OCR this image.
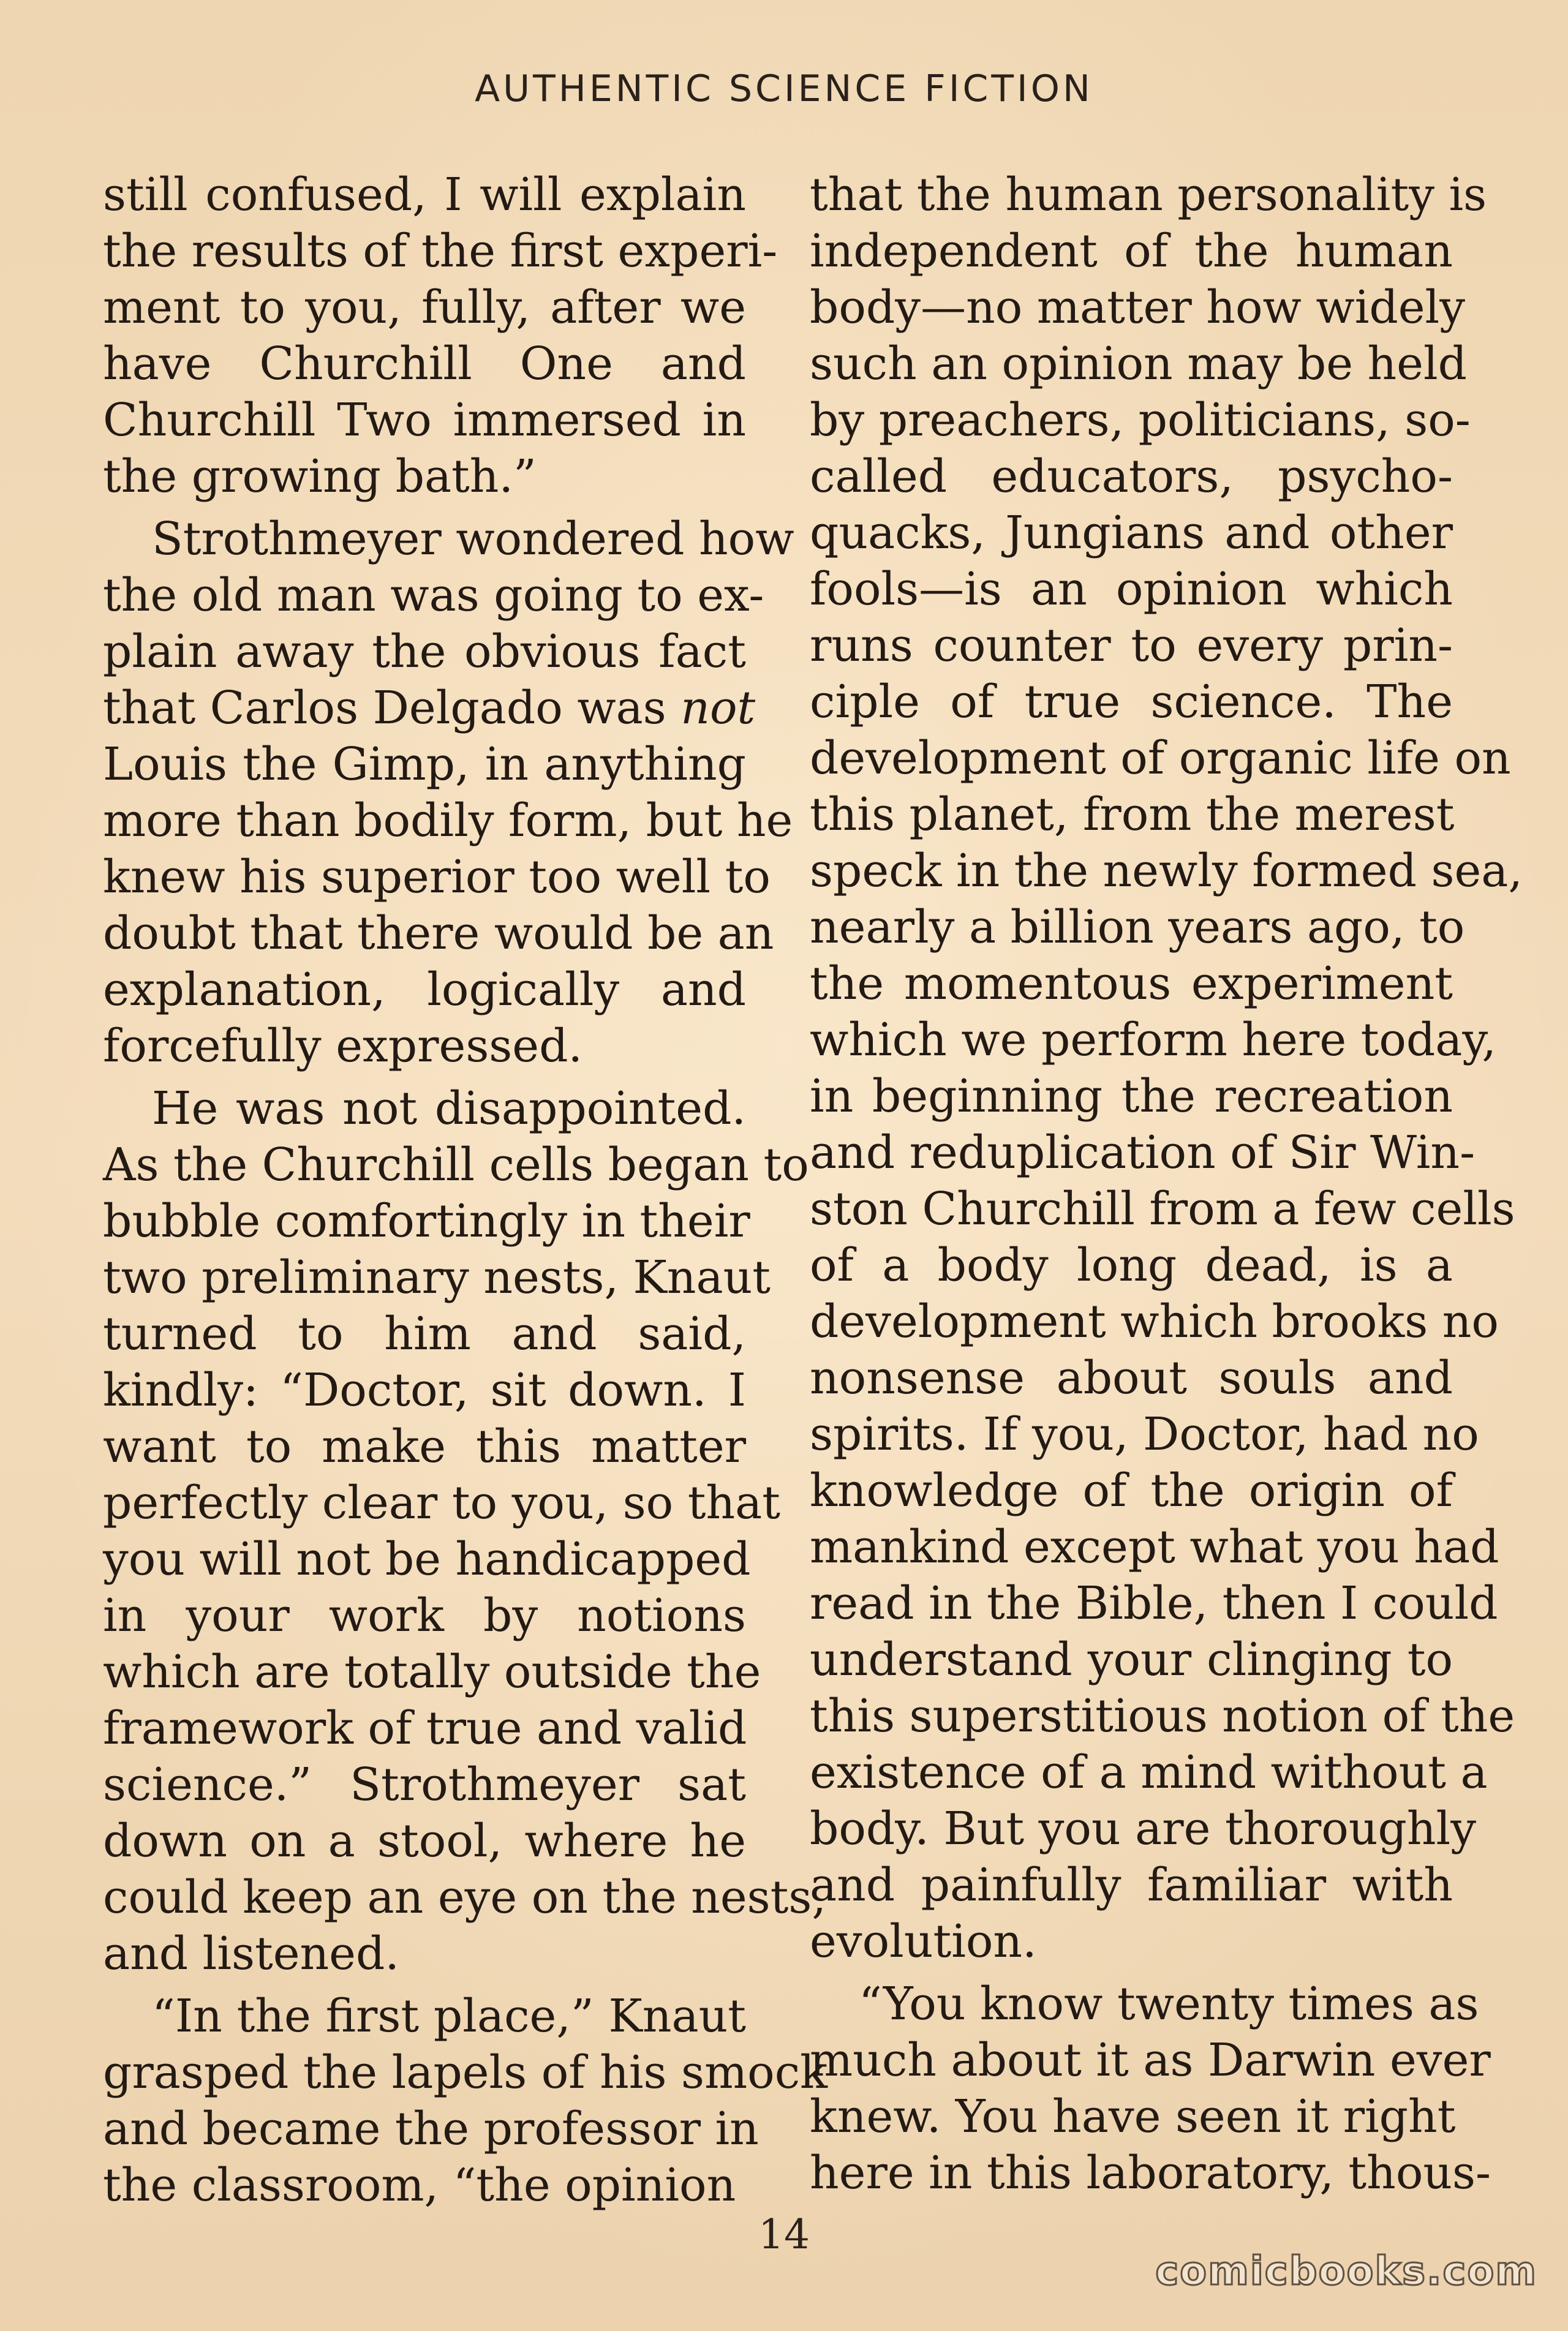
AUTHENTIC SCIENCE FICTION
still confused, I will explain
the results of the first experi-
ment to you, fully, after we
have Churchill One and
Churchill Two immersed in
the growing bath.”
Strothmeyer wondered how
the old man was going to ex-
plain away the obvious fact
that Carlos Delgado was not
Louis the Gimp, in anything
more than bodily form, but he
knew his superior too well to
doubt that there would be an
explanation, logically and
forcefully expressed.
He was not disappointed.
As the Churchill cells began to
bubble comfortingly in their
two preliminary nests, Knaut
turned to him and said,
kindly: “Doctor, sit down. I
want to make this matter
perfectly clear to you, so that
you will not be handicapped
in your work by notions
which are totally outside the
framework of true and valid
science.” Strothmeyer sat
down on a stool, where he
could keep an eye on the nests,
and listened.
“In the first place,” Knaut
grasped the lapels of his smock
and became the professor in
the classroom, “the opinion
that the human personality is
independent of the human
body—no matter how widely
such an opinion may be held
by preachers, politicians, so-
called educators, psycho-
quacks, Jungians and other
fools—is an opinion which
runs counter to every prin-
ciple of true science. The
development of organic life on
this planet, from the merest
speck in the newly formed sea,
nearly a billion years ago, to
the momentous experiment
which we perform here today,
in beginning the recreation
and reduplication of Sir Win-
ston Churchill from a few cells
of a body long dead, is a
development which brooks no
nonsense about souls and
spirits. If you, Doctor, had no
knowledge of the origin of
mankind except what you had
read in the Bible, then I could
understand your clinging to
this superstitious notion of the
existence of a mind without a
body. But you are thoroughly
and painfully familiar with
evolution.
“You know twenty times as
much about it as Darwin ever
knew. You have seen it right
here in this laboratory, thous-
14
comicbooks.com
